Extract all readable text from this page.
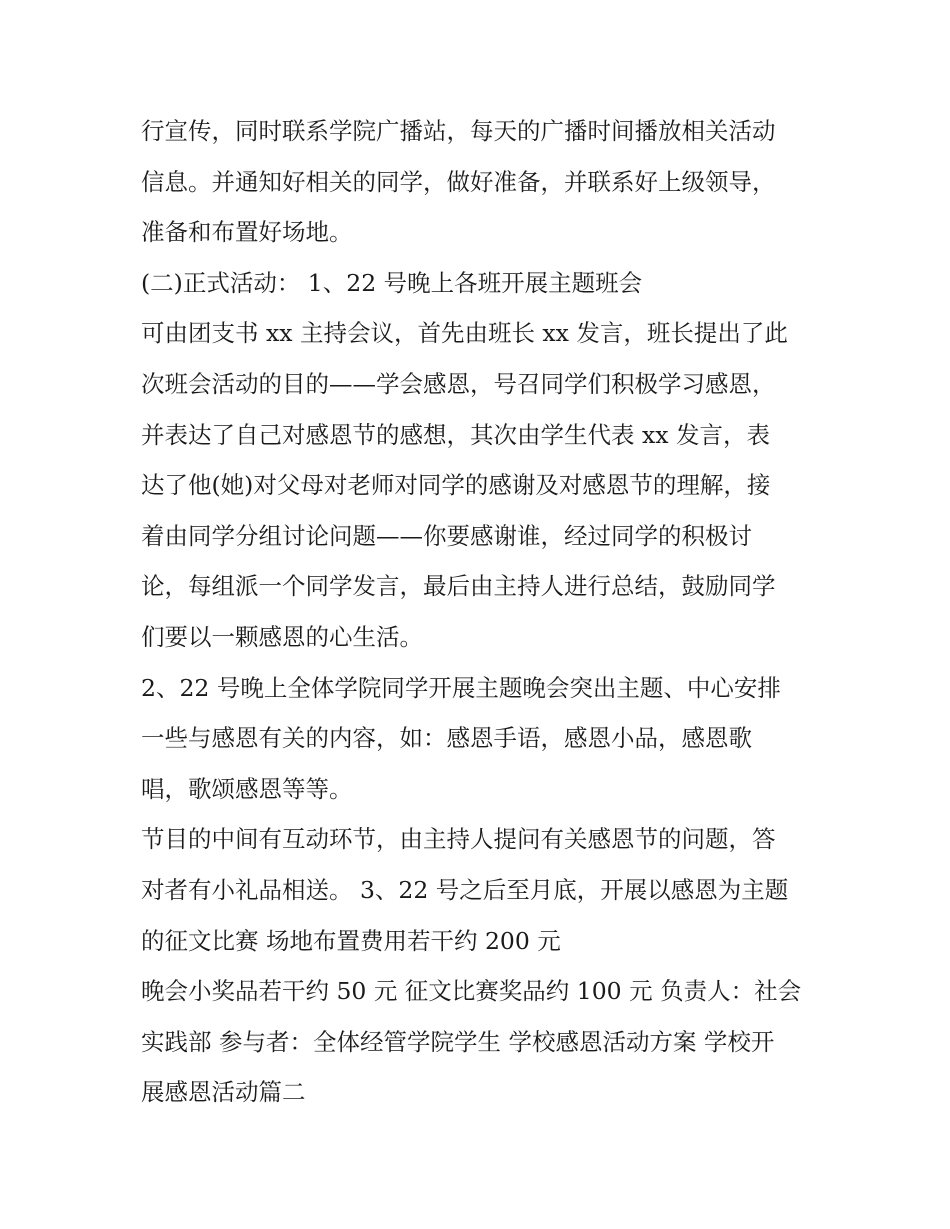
行宣传，同时联系学院广播站，每天的广播时间播放相关活动
信息。并通知好相关的同学，做好准备，并联系好上级领导，
准备和布置好场地。
(二)正式活动： 1、22 号晚上各班开展主题班会
可由团支书 xx 主持会议，首先由班长 xx 发言，班长提出了此
次班会活动的目的——学会感恩，号召同学们积极学习感恩，
并表达了自己对感恩节的感想，其次由学生代表 xx 发言，表
达了他(她)对父母对老师对同学的感谢及对感恩节的理解，接
着由同学分组讨论问题——你要感谢谁，经过同学的积极讨
论，每组派一个同学发言，最后由主持人进行总结，鼓励同学
们要以一颗感恩的心生活。
2、22 号晚上全体学院同学开展主题晚会突出主题、中心安排
一些与感恩有关的内容，如：感恩手语，感恩小品，感恩歌
唱，歌颂感恩等等。
节目的中间有互动环节，由主持人提问有关感恩节的问题，答
对者有小礼品相送。 3、22 号之后至月底，开展以感恩为主题
的征文比赛 场地布置费用若干约 200 元
晚会小奖品若干约 50 元 征文比赛奖品约 100 元 负责人：社会
实践部 参与者：全体经管学院学生 学校感恩活动方案 学校开
展感恩活动篇二
